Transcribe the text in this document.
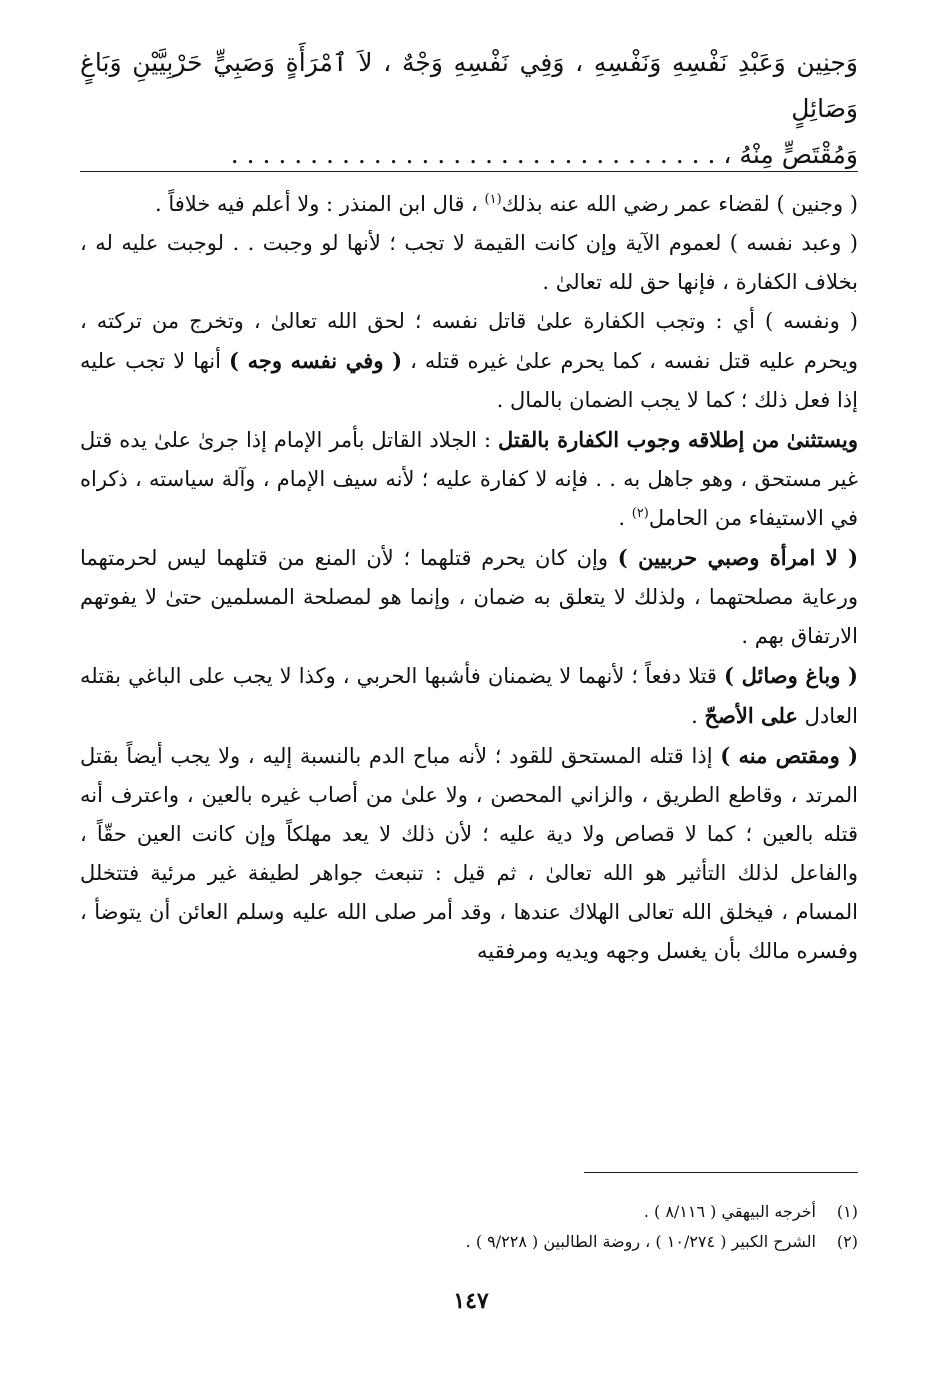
وَجنِين وَعَبْدِ نَفْسِهِ وَنَفْسِهِ ، وَفِي نَفْسِهِ وَجْهٌ ، لاَ ٱمْرَأَةٍ وَصَبِيٍّ حَرْبِيَّيْنِ وَبَاغٍ وَصَائِلٍ

وَمُقْتَصٍّ مِنْهُ ، . . . . . . . . . . . . . . . . . . . . . . . . . . . . . . .

( وجنين ) لقضاء عمر رضي الله عنه بذلك$^{(١)}$ ، قال ابن المنذر : ولا أعلم فيه خلافاً .

( وعبد نفسه ) لعموم الآية وإن كانت القيمة لا تجب ؛ لأنها لو وجبت . . لوجبت عليه له ، بخلاف الكفارة ، فإنها حق لله تعالىٰ .

( ونفسه ) أي : وتجب الكفارة علىٰ قاتل نفسه ؛ لحق الله تعالىٰ ، وتخرج من تركته ، ويحرم عليه قتل نفسه ، كما يحرم علىٰ غيره قتله ، ( وفي نفسه وجه ) أنها لا تجب عليه إذا فعل ذلك ؛ كما لا يجب الضمان بالمال .

ويستثنىٰ من إطلاقه وجوب الكفارة بالقتل : الجلاد القاتل بأمر الإمام إذا جرىٰ علىٰ يده قتل غير مستحق ، وهو جاهل به . . فإنه لا كفارة عليه ؛ لأنه سيف الإمام ، وآلة سياسته ، ذكراه في الاستيفاء من الحامل$^{(٢)}$ .

( لا امرأة وصبي حربيين ) وإن كان يحرم قتلهما ؛ لأن المنع من قتلهما ليس لحرمتهما ورعاية مصلحتهما ، ولذلك لا يتعلق به ضمان ، وإنما هو لمصلحة المسلمين حتىٰ لا يفوتهم الارتفاق بهم .

( وباغ وصائل ) قتلا دفعاً ؛ لأنهما لا يضمنان فأشبها الحربي ، وكذا لا يجب على الباغي بقتله العادل على الأصحّ .

( ومقتص منه ) إذا قتله المستحق للقود ؛ لأنه مباح الدم بالنسبة إليه ، ولا يجب أيضاً بقتل المرتد ، وقاطع الطريق ، والزاني المحصن ، ولا علىٰ من أصاب غيره بالعين ، واعترف أنه قتله بالعين ؛ كما لا قصاص ولا دية عليه ؛ لأن ذلك لا يعد مهلكاً وإن كانت العين حقّاً ، والفاعل لذلك التأثير هو الله تعالىٰ ، ثم قيل : تنبعث جواهر لطيفة غير مرئية فتتخلل المسام ، فيخلق الله تعالى الهلاك عندها ، وقد أمر صلى الله عليه وسلم العائن أن يتوضأ ، وفسره مالك بأن يغسل وجهه ويديه ومرفقيه

(١)أخرجه البيهقي ( ٨/١١٦ ) .

(٢)الشرح الكبير ( ١٠/٢٧٤ ) ، روضة الطالبين ( ٩/٢٢٨ ) .

١٤٧
